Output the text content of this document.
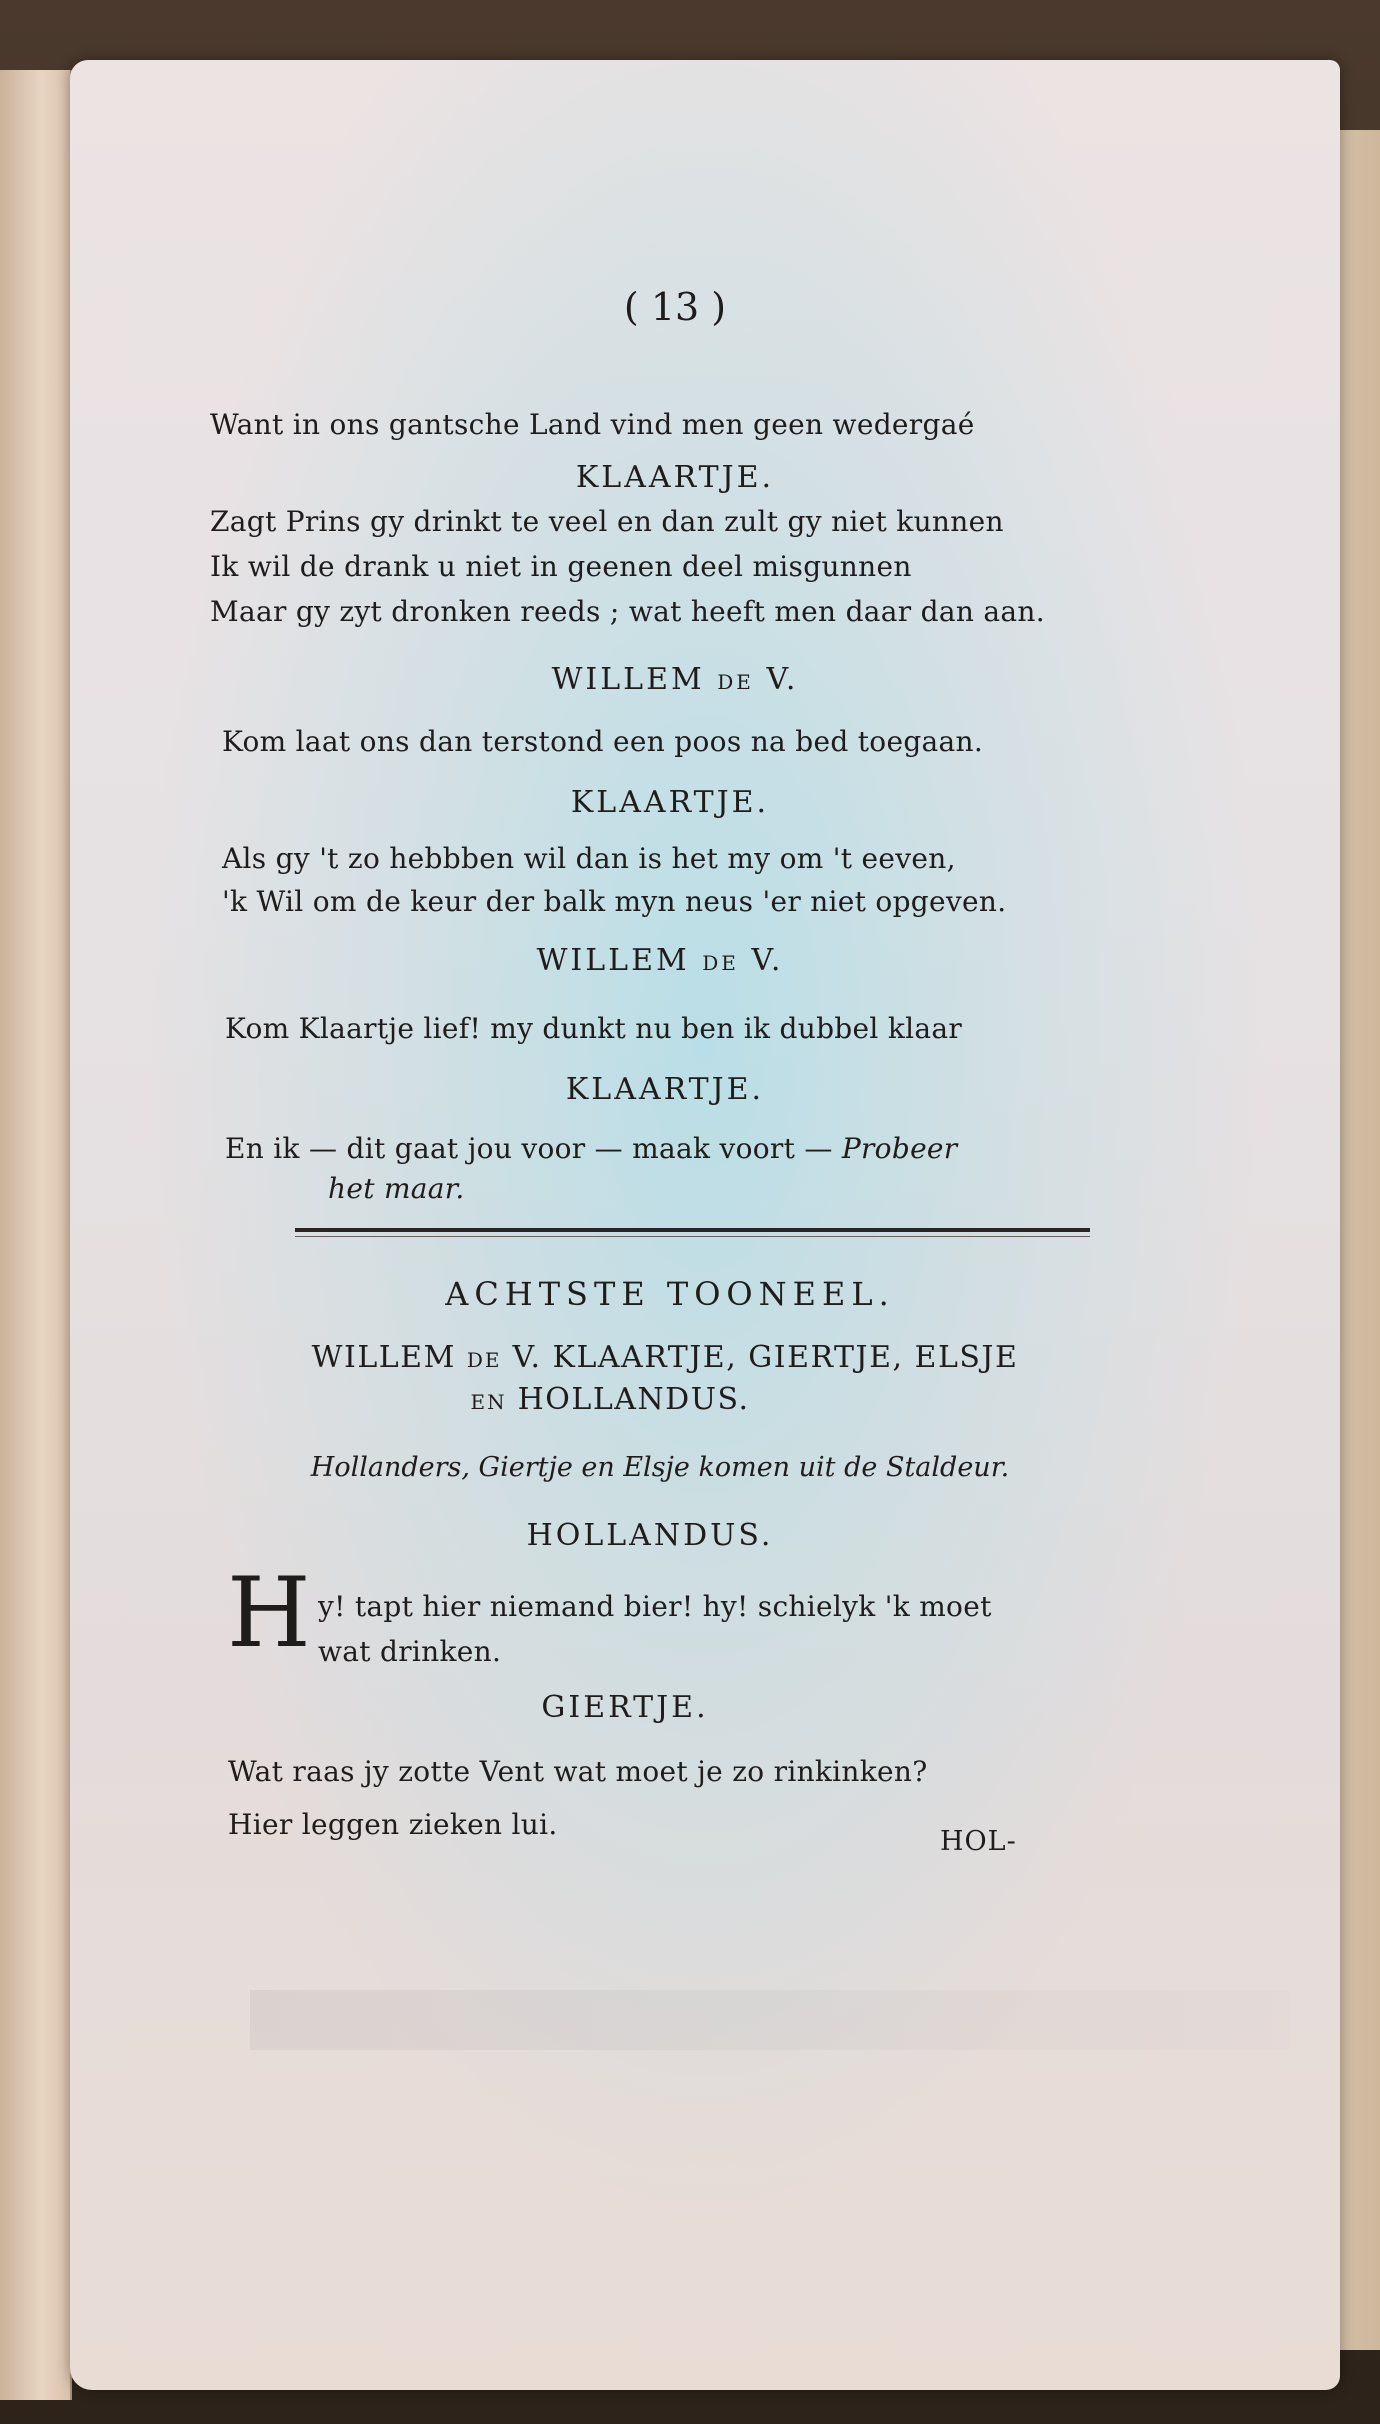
( 13 )
Want in ons gantsche Land vind men geen wedergaé
KLAARTJE.
Zagt Prins gy drinkt te veel en dan zult gy niet kunnen
Ik wil de drank u niet in geenen deel misgunnen
Maar gy zyt dronken reeds ; wat heeft men daar dan aan.
WILLEM DE V.
Kom laat ons dan terstond een poos na bed toegaan.
KLAARTJE.
Als gy 't zo hebbben wil dan is het my om 't eeven,
'k Wil om de keur der balk myn neus 'er niet opgeven.
WILLEM DE V.
Kom Klaartje lief! my dunkt nu ben ik dubbel klaar
KLAARTJE.
En ik — dit gaat jou voor — maak voort — Probeer
het maar.
ACHTSTE TOONEEL.
WILLEM DE V. KLAARTJE, GIERTJE, ELSJE
EN HOLLANDUS.
Hollanders, Giertje en Elsje komen uit de Staldeur.
HOLLANDUS.
H y! tapt hier niemand bier! hy! schielyk 'k moet
wat drinken.
GIERTJE.
Wat raas jy zotte Vent wat moet je zo rinkinken?
Hier leggen zieken lui.
HOL-
